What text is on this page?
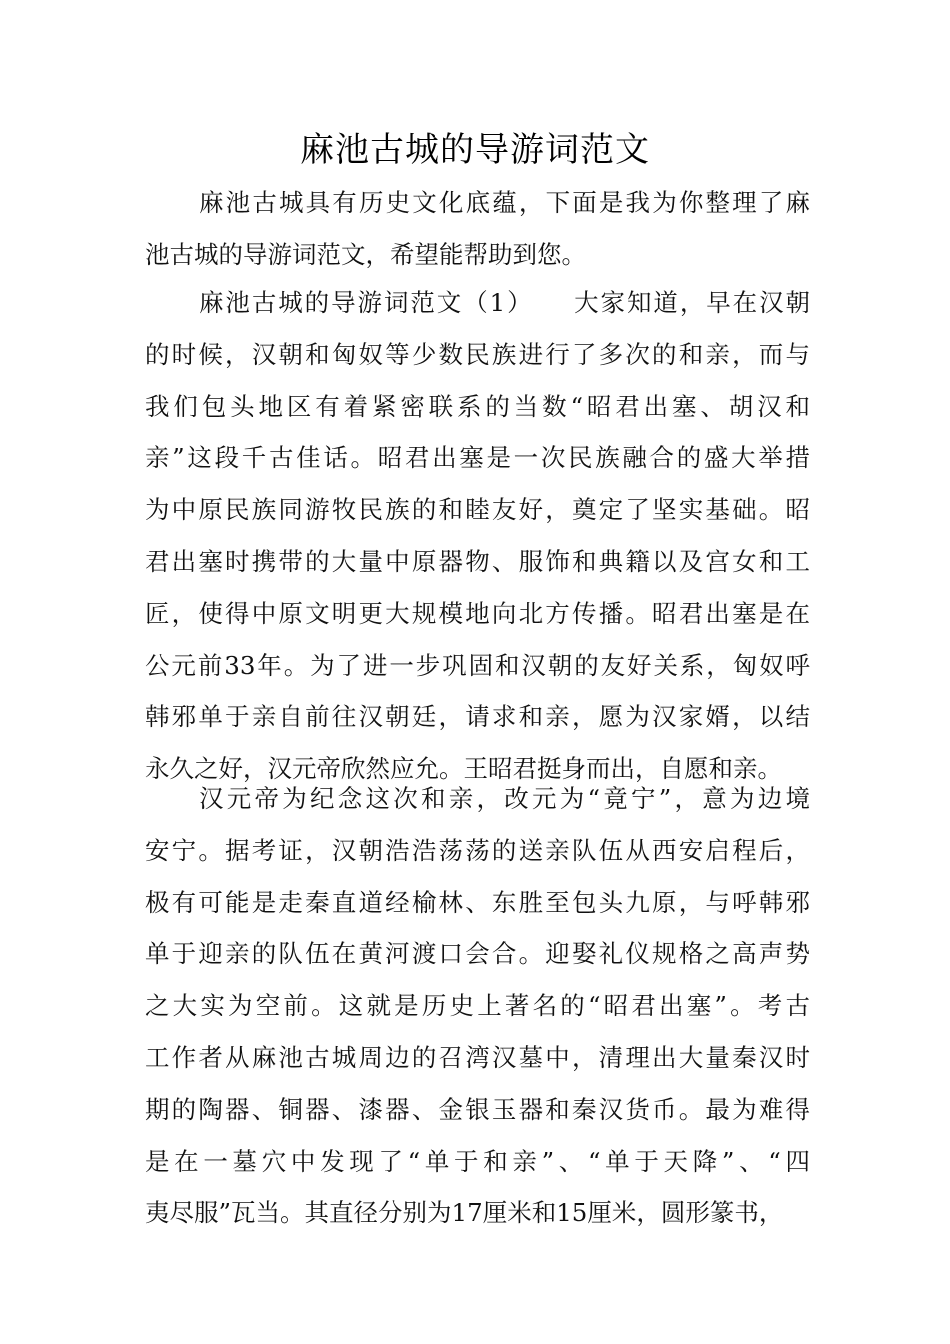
麻池古城的导游词范文
麻池古城具有历史文化底蕴，下面是我为你整理了麻
池古城的导游词范文，希望能帮助到您。
麻池古城的导游词范文（1）　　大家知道，早在汉朝
的时候，汉朝和匈奴等少数民族进行了多次的和亲，而与
我们包头地区有着紧密联系的当数“昭君出塞、胡汉和
亲”这段千古佳话。昭君出塞是一次民族融合的盛大举措
为中原民族同游牧民族的和睦友好，奠定了坚实基础。昭
君出塞时携带的大量中原器物、服饰和典籍以及宫女和工
匠，使得中原文明更大规模地向北方传播。昭君出塞是在
公元前33年。为了进一步巩固和汉朝的友好关系，匈奴呼
韩邪单于亲自前往汉朝廷，请求和亲，愿为汉家婿，以结
永久之好，汉元帝欣然应允。王昭君挺身而出，自愿和亲。
汉元帝为纪念这次和亲，改元为“竟宁”，意为边境
安宁。据考证，汉朝浩浩荡荡的送亲队伍从西安启程后，
极有可能是走秦直道经榆林、东胜至包头九原，与呼韩邪
单于迎亲的队伍在黄河渡口会合。迎娶礼仪规格之高声势
之大实为空前。这就是历史上著名的“昭君出塞”。考古
工作者从麻池古城周边的召湾汉墓中，清理出大量秦汉时
期的陶器、铜器、漆器、金银玉器和秦汉货币。最为难得
是在一墓穴中发现了“单于和亲”、“单于天降”、“四
夷尽服”瓦当。其直径分别为17厘米和15厘米，圆形篆书，
